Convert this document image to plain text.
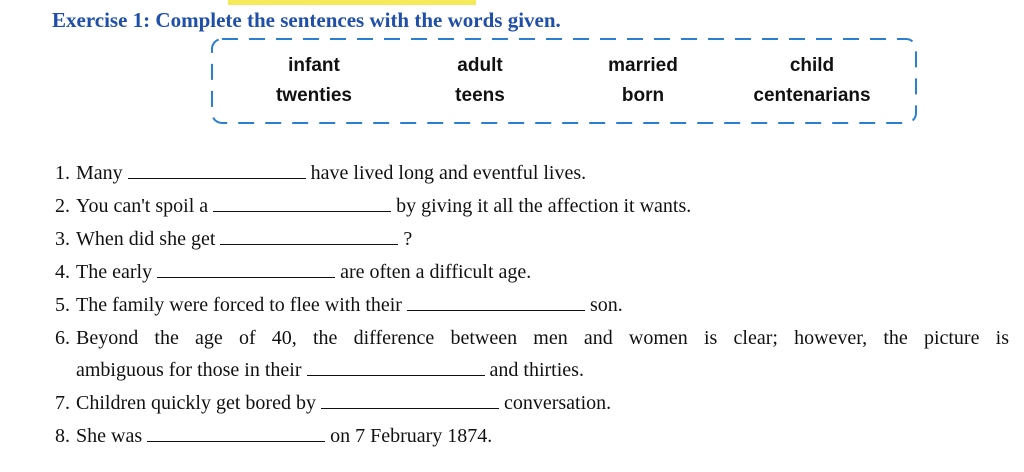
Exercise 1: Complete the sentences with the words given.
infant	adult	married	child
twenties	teens	born	centenarians
1. Many	have lived long and eventful lives.
2. You can't spoil a	by giving it all the affection it wants.
3. When did she get	?
4. The early	are often a difficult age.
5. The family were forced to flee with their	son.
6. Beyond the age of 40, the difference between men and women is clear; however, the picture is
ambiguous for those in their	and thirties.
7. Children quickly get bored by	conversation.
8. She was	on 7 February 1874.
